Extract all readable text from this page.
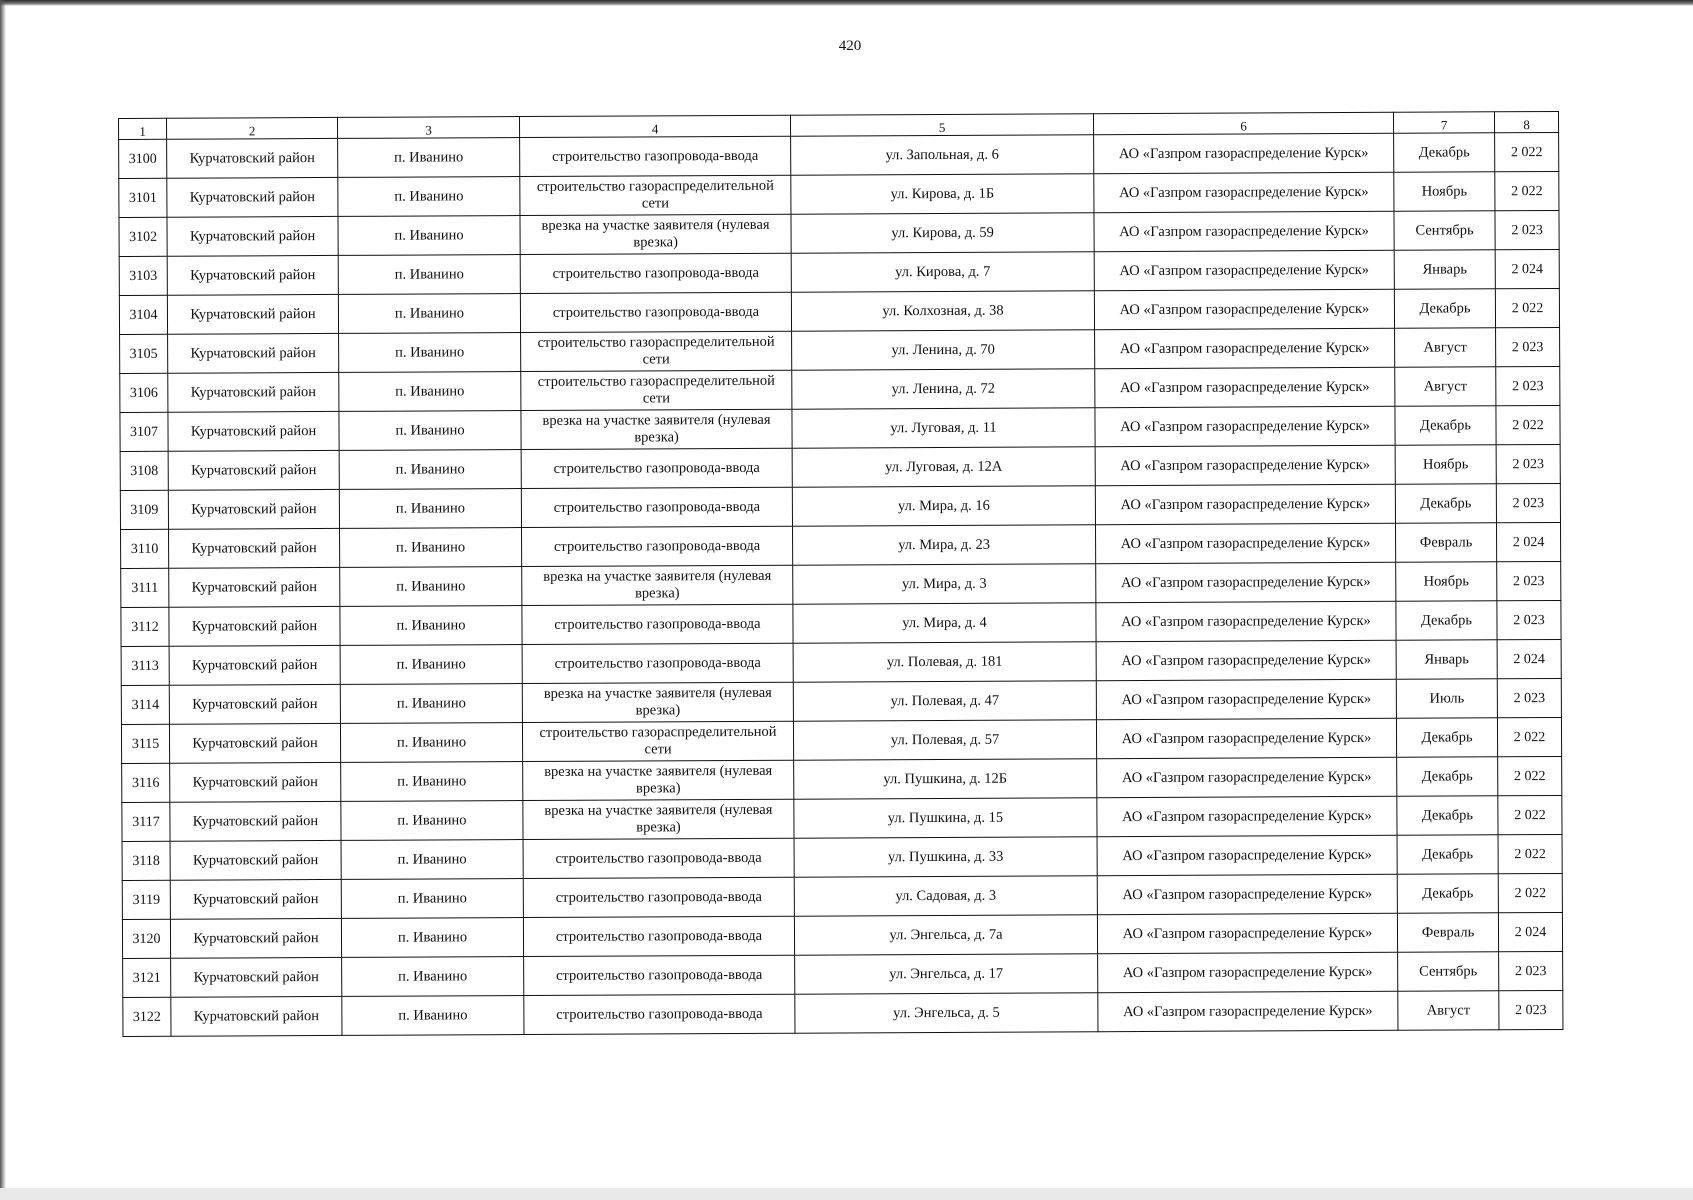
420
1	2	3	4	5	6	7	8
3100	Курчатовский район	п. Иванино	строительство газопровода-ввода	ул. Запольная, д. 6	АО «Газпром газораспределение Курск»	Декабрь	2 022
3101	Курчатовский район	п. Иванино	строительство газораспределительной сети	ул. Кирова, д. 1Б	АО «Газпром газораспределение Курск»	Ноябрь	2 022
3102	Курчатовский район	п. Иванино	врезка на участке заявителя (нулевая врезка)	ул. Кирова, д. 59	АО «Газпром газораспределение Курск»	Сентябрь	2 023
3103	Курчатовский район	п. Иванино	строительство газопровода-ввода	ул. Кирова, д. 7	АО «Газпром газораспределение Курск»	Январь	2 024
3104	Курчатовский район	п. Иванино	строительство газопровода-ввода	ул. Колхозная, д. 38	АО «Газпром газораспределение Курск»	Декабрь	2 022
3105	Курчатовский район	п. Иванино	строительство газораспределительной сети	ул. Ленина, д. 70	АО «Газпром газораспределение Курск»	Август	2 023
3106	Курчатовский район	п. Иванино	строительство газораспределительной сети	ул. Ленина, д. 72	АО «Газпром газораспределение Курск»	Август	2 023
3107	Курчатовский район	п. Иванино	врезка на участке заявителя (нулевая врезка)	ул. Луговая, д. 11	АО «Газпром газораспределение Курск»	Декабрь	2 022
3108	Курчатовский район	п. Иванино	строительство газопровода-ввода	ул. Луговая, д. 12А	АО «Газпром газораспределение Курск»	Ноябрь	2 023
3109	Курчатовский район	п. Иванино	строительство газопровода-ввода	ул. Мира, д. 16	АО «Газпром газораспределение Курск»	Декабрь	2 023
3110	Курчатовский район	п. Иванино	строительство газопровода-ввода	ул. Мира, д. 23	АО «Газпром газораспределение Курск»	Февраль	2 024
3111	Курчатовский район	п. Иванино	врезка на участке заявителя (нулевая врезка)	ул. Мира, д. 3	АО «Газпром газораспределение Курск»	Ноябрь	2 023
3112	Курчатовский район	п. Иванино	строительство газопровода-ввода	ул. Мира, д. 4	АО «Газпром газораспределение Курск»	Декабрь	2 023
3113	Курчатовский район	п. Иванино	строительство газопровода-ввода	ул. Полевая, д. 181	АО «Газпром газораспределение Курск»	Январь	2 024
3114	Курчатовский район	п. Иванино	врезка на участке заявителя (нулевая врезка)	ул. Полевая, д. 47	АО «Газпром газораспределение Курск»	Июль	2 023
3115	Курчатовский район	п. Иванино	строительство газораспределительной сети	ул. Полевая, д. 57	АО «Газпром газораспределение Курск»	Декабрь	2 022
3116	Курчатовский район	п. Иванино	врезка на участке заявителя (нулевая врезка)	ул. Пушкина, д. 12Б	АО «Газпром газораспределение Курск»	Декабрь	2 022
3117	Курчатовский район	п. Иванино	врезка на участке заявителя (нулевая врезка)	ул. Пушкина, д. 15	АО «Газпром газораспределение Курск»	Декабрь	2 022
3118	Курчатовский район	п. Иванино	строительство газопровода-ввода	ул. Пушкина, д. 33	АО «Газпром газораспределение Курск»	Декабрь	2 022
3119	Курчатовский район	п. Иванино	строительство газопровода-ввода	ул. Садовая, д. 3	АО «Газпром газораспределение Курск»	Декабрь	2 022
3120	Курчатовский район	п. Иванино	строительство газопровода-ввода	ул. Энгельса, д. 7а	АО «Газпром газораспределение Курск»	Февраль	2 024
3121	Курчатовский район	п. Иванино	строительство газопровода-ввода	ул. Энгельса, д. 17	АО «Газпром газораспределение Курск»	Сентябрь	2 023
3122	Курчатовский район	п. Иванино	строительство газопровода-ввода	ул. Энгельса, д. 5	АО «Газпром газораспределение Курск»	Август	2 023
